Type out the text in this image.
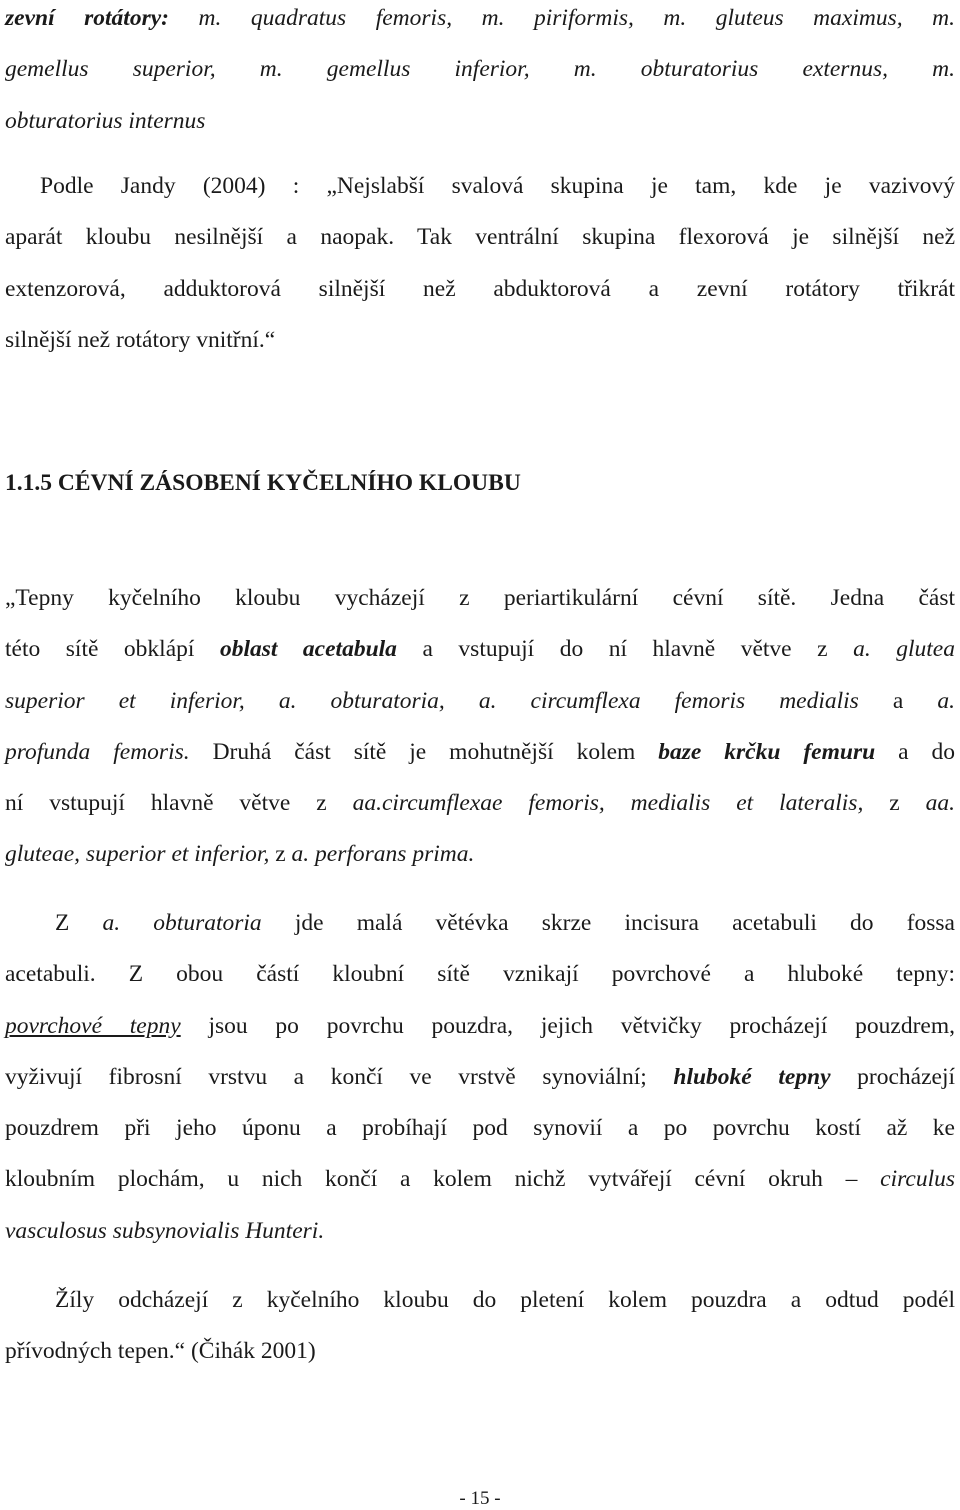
zevní rotátory: m. quadratus femoris, m. piriformis, m. gluteus maximus, m.
gemellus superior, m. gemellus inferior, m. obturatorius externus, m.
obturatorius internus
Podle Jandy (2004) : „Nejslabší svalová skupina je tam, kde je vazivový
aparát kloubu nesilnější a naopak. Tak ventrální skupina flexorová je silnější než
extenzorová, adduktorová silnější než abduktorová a zevní rotátory třikrát
silnější než rotátory vnitřní.“
1.1.5 CÉVNÍ ZÁSOBENÍ KYČELNÍHO KLOUBU
„Tepny kyčelního kloubu vycházejí z periartikulární cévní sítě. Jedna část
této sítě obklápí oblast acetabula a vstupují do ní hlavně větve z a. glutea
superior et inferior, a. obturatoria, a. circumflexa femoris medialis a a.
profunda femoris. Druhá část sítě je mohutnější kolem baze krčku femuru a do
ní vstupují hlavně větve z aa.circumflexae femoris, medialis et lateralis, z aa.
gluteae, superior et inferior, z a. perforans prima.
Z a. obturatoria jde malá větévka skrze incisura acetabuli do fossa
acetabuli. Z obou částí kloubní sítě vznikají povrchové a hluboké tepny:
povrchové tepny jsou po povrchu pouzdra, jejich větvičky procházejí pouzdrem,
vyživují fibrosní vrstvu a končí ve vrstvě synoviální; hluboké tepny procházejí
pouzdrem při jeho úponu a probíhají pod synovií a po povrchu kostí až ke
kloubním plochám, u nich končí a kolem nichž vytvářejí cévní okruh – circulus
vasculosus subsynovialis Hunteri.
Žíly odcházejí z kyčelního kloubu do pletení kolem pouzdra a odtud podél
přívodných tepen.“ (Čihák 2001)
- 15 -
